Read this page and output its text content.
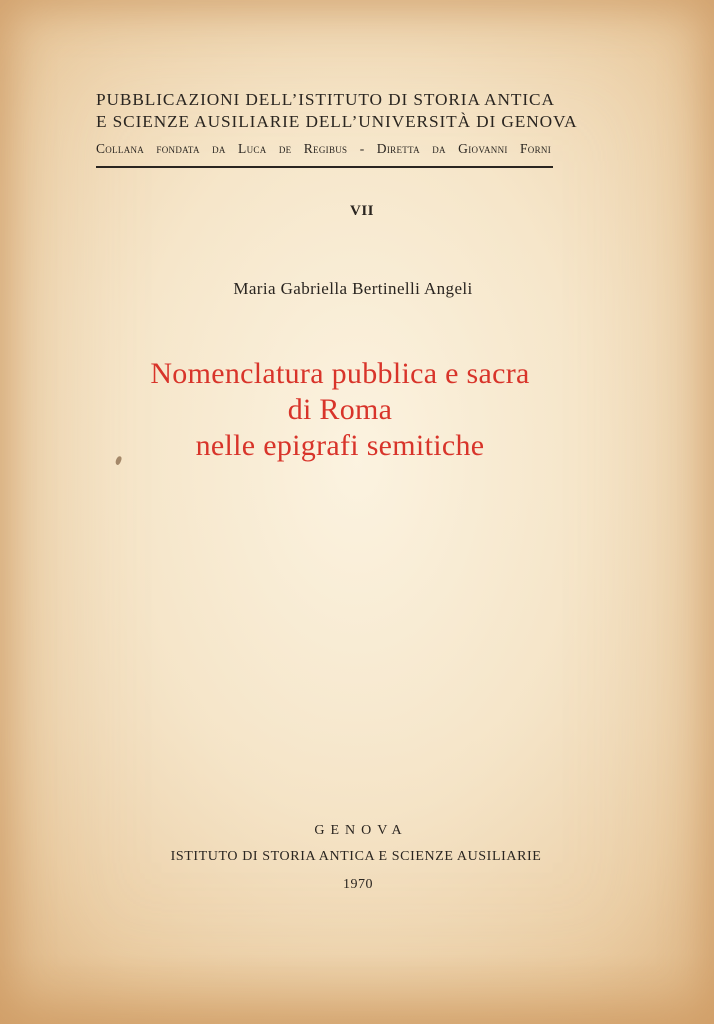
PUBBLICAZIONI DELL’ISTITUTO DI STORIA ANTICA
E SCIENZE AUSILIARIE DELL’UNIVERSITÀ DI GENOVA
Collana fondata da Luca de Regibus - Diretta da Giovanni Forni
VII
Maria Gabriella Bertinelli Angeli
Nomenclatura pubblica e sacra
di Roma
nelle epigrafi semitiche
GENOVA
ISTITUTO DI STORIA ANTICA E SCIENZE AUSILIARIE
1970
